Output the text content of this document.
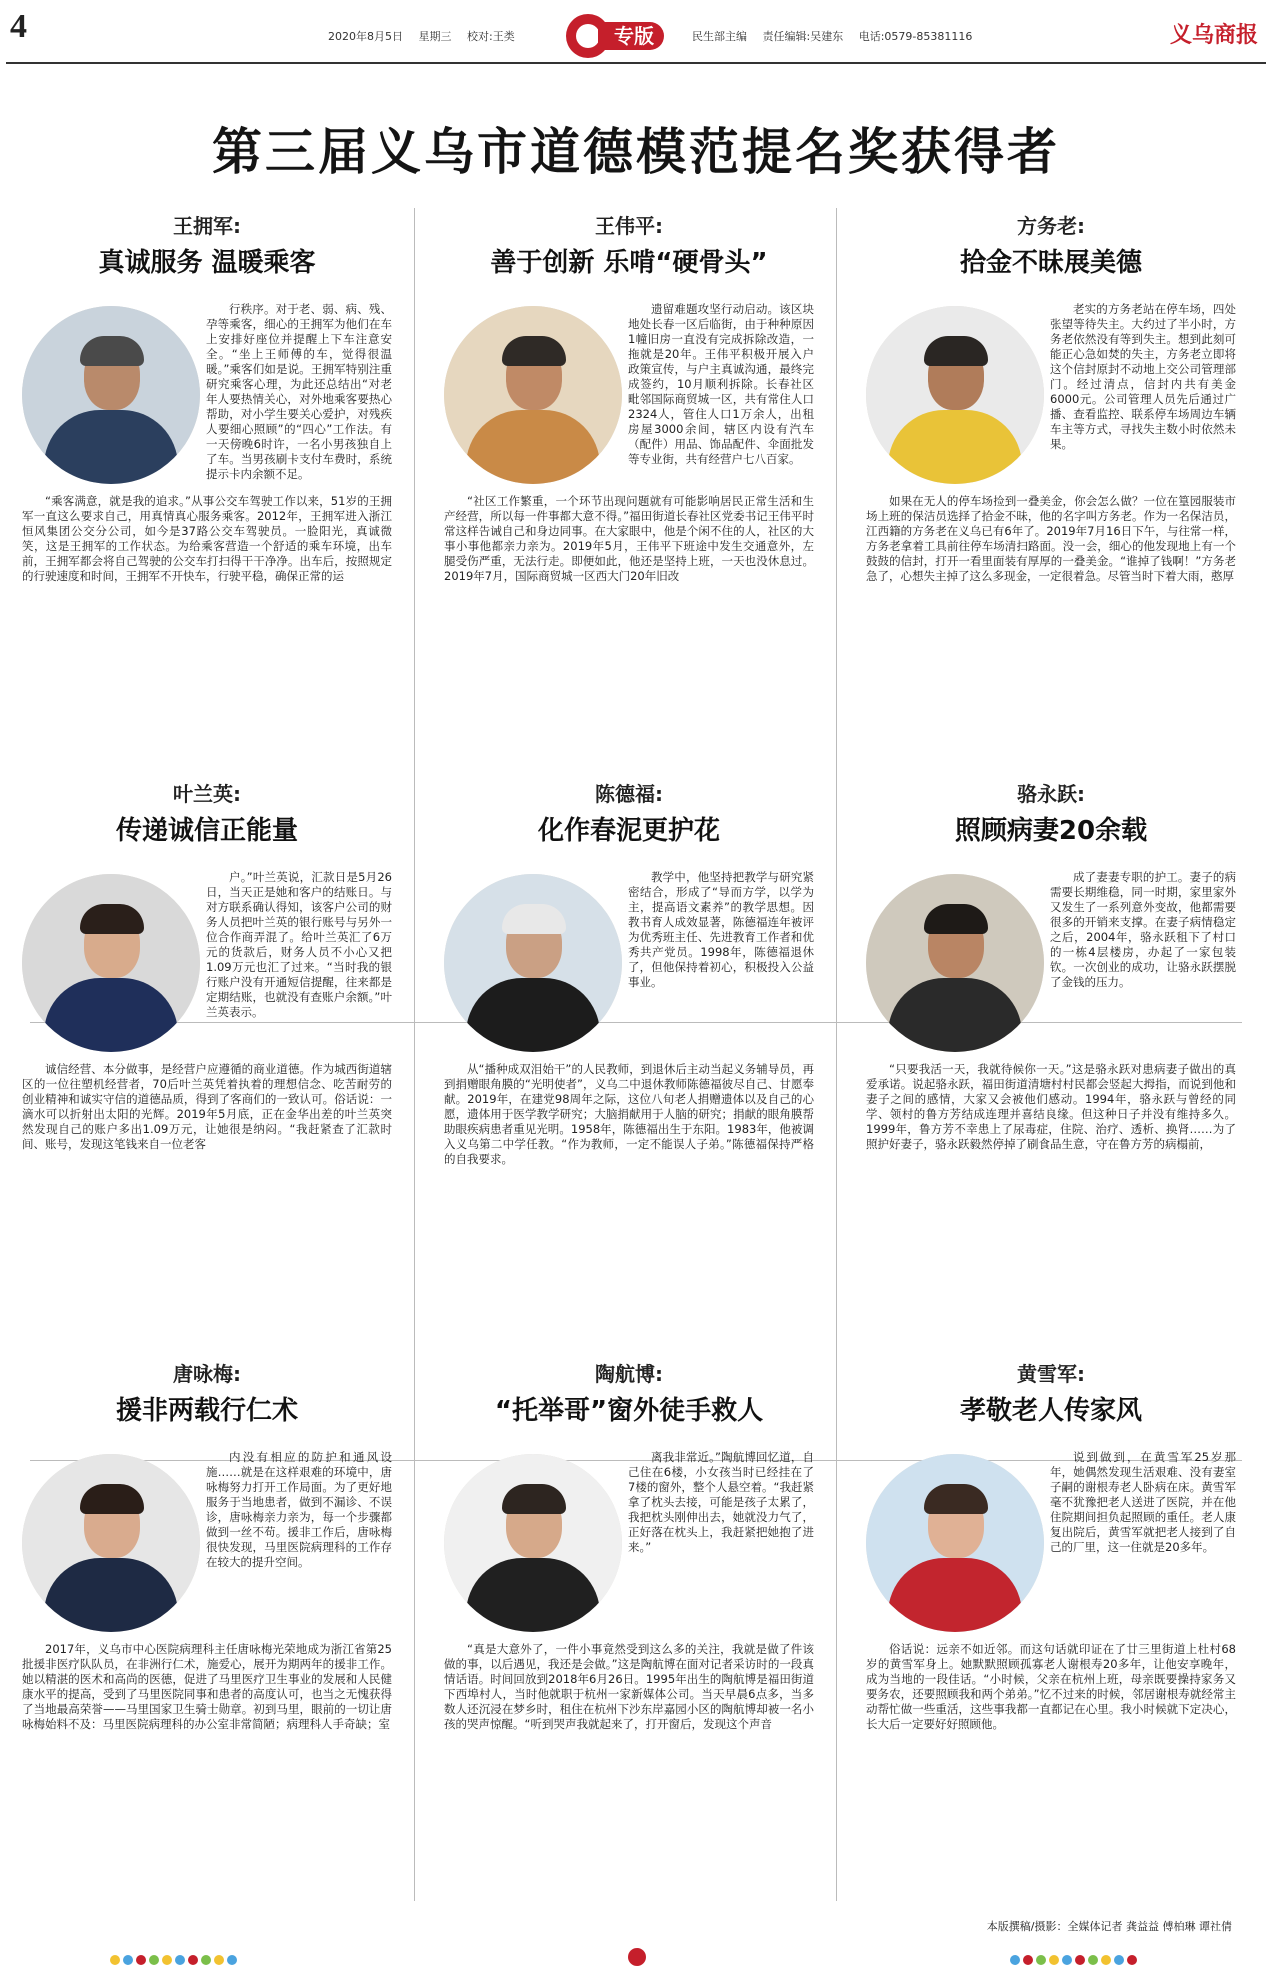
4	2020年8月5日 星期三 校对:王类	专版	民生部主编 责任编辑:吴建东 电话:0579-85381116	义乌商报
第三届义乌市道德模范提名奖获得者
王拥军:
真诚服务 温暖乘客
行秩序。对于老、弱、病、残、孕等乘客，细心的王拥军为他们在车上安排好座位并提醒上下车注意安全。“坐上王师傅的车，觉得很温暖。”乘客们如是说。王拥军特别注重研究乘客心理，为此还总结出“对老年人要热情关心，对外地乘客要热心帮助，对小学生要关心爱护，对残疾人要细心照顾”的“四心”工作法。有一天傍晚6时许，一名小男孩独自上了车。当男孩刷卡支付车费时，系统提示卡内余额不足。
“乘客满意，就是我的追求。”从事公交车驾驶工作以来，51岁的王拥军一直这么要求自己，用真情真心服务乘客。2012年，王拥军进入浙江恒风集团公交分公司，如今是37路公交车驾驶员。一脸阳光，真诚微笑，这是王拥军的工作状态。为给乘客营造一个舒适的乘车环境，出车前，王拥军都会将自己驾驶的公交车打扫得干干净净。出车后，按照规定的行驶速度和时间，王拥军不开快车，行驶平稳，确保正常的运
王伟平:
善于创新 乐啃“硬骨头”
遗留难题攻坚行动启动。该区块地处长春一区后临街，由于种种原因1幢旧房一直没有完成拆除改造，一拖就是20年。王伟平积极开展入户政策宣传，与户主真诚沟通，最终完成签约，10月顺利拆除。长春社区毗邻国际商贸城一区，共有常住人口2324人，管住人口1万余人，出租房屋3000余间，辖区内设有汽车（配件）用品、饰品配件、伞面批发等专业街，共有经营户七八百家。
“社区工作繁重，一个环节出现问题就有可能影响居民正常生活和生产经营，所以每一件事都大意不得。”福田街道长春社区党委书记王伟平时常这样告诫自己和身边同事。在大家眼中，他是个闲不住的人，社区的大事小事他都亲力亲为。2019年5月，王伟平下班途中发生交通意外，左腿受伤严重，无法行走。即便如此，他还是坚持上班，一天也没休息过。2019年7月，国际商贸城一区西大门20年旧改
方务老:
拾金不昧展美德
老实的方务老站在停车场，四处张望等待失主。大约过了半小时，方务老依然没有等到失主。想到此刻可能正心急如焚的失主，方务老立即将这个信封原封不动地上交公司管理部门。经过清点，信封内共有美金6000元。公司管理人员先后通过广播、查看监控、联系停车场周边车辆车主等方式，寻找失主数小时依然未果。
如果在无人的停车场捡到一叠美金，你会怎么做？一位在篁园服装市场上班的保洁员选择了拾金不昧，他的名字叫方务老。作为一名保洁员，江西籍的方务老在义乌已有6年了。2019年7月16日下午，与往常一样，方务老拿着工具前往停车场清扫路面。没一会，细心的他发现地上有一个鼓鼓的信封，打开一看里面装有厚厚的一叠美金。“谁掉了钱啊！”方务老急了，心想失主掉了这么多现金，一定很着急。尽管当时下着大雨，憨厚
叶兰英:
传递诚信正能量
户。”叶兰英说，汇款日是5月26日，当天正是她和客户的结账日。与对方联系确认得知，该客户公司的财务人员把叶兰英的银行账号与另外一位合作商弄混了。给叶兰英汇了6万元的货款后，财务人员不小心又把1.09万元也汇了过来。“当时我的银行账户没有开通短信提醒，往来都是定期结账，也就没有查账户余额。”叶兰英表示。
诚信经营、本分做事，是经营户应遵循的商业道德。作为城西街道辖区的一位往塑机经营者，70后叶兰英凭着执着的理想信念、吃苦耐劳的创业精神和诚实守信的道德品质，得到了客商们的一致认可。俗话说：一滴水可以折射出太阳的光辉。2019年5月底，正在金华出差的叶兰英突然发现自己的账户多出1.09万元，让她很是纳闷。“我赶紧查了汇款时间、账号，发现这笔钱来自一位老客
陈德福:
化作春泥更护花
教学中，他坚持把教学与研究紧密结合，形成了“导而方学，以学为主，提高语文素养”的教学思想。因教书育人成效显著，陈德福连年被评为优秀班主任、先进教育工作者和优秀共产党员。1998年，陈德福退休了，但他保持着初心，积极投入公益事业。
从“播种成双泪始干”的人民教师，到退休后主动当起义务辅导员，再到捐赠眼角膜的“光明使者”，义乌二中退休教师陈德福彼尽自己、甘愿奉献。2019年，在建党98周年之际，这位八旬老人捐赠遗体以及自己的心愿，遗体用于医学教学研究；大脑捐献用于人脑的研究；捐献的眼角膜帮助眼疾病患者重见光明。1958年，陈德福出生于东阳。1983年，他被调入义乌第二中学任教。“作为教师，一定不能误人子弟。”陈德福保持严格的自我要求。
骆永跃:
照顾病妻20余载
成了妻妻专职的护工。妻子的病需要长期维稳，同一时期，家里家外又发生了一系列意外变故，他都需要很多的开销来支撑。在妻子病情稳定之后，2004年，骆永跃租下了村口的一栋4层楼房，办起了一家包装钦。一次创业的成功，让骆永跃摆脱了金钱的压力。
“只要我活一天，我就待候你一天。”这是骆永跃对患病妻子做出的真爱承诺。说起骆永跃，福田街道清塘村村民都会竖起大拇指，而说到他和妻子之间的感情，大家又会被他们感动。1994年，骆永跃与曾经的同学、领村的鲁方芳结成连理并喜结良缘。但这种日子并没有维持多久。1999年，鲁方芳不幸患上了尿毒症，住院、治疗、透析、换肾……为了照护好妻子，骆永跃毅然停掉了刷食品生意，守在鲁方芳的病榻前，
唐咏梅:
援非两载行仁术
内没有相应的防护和通风设施……就是在这样艰难的环境中，唐咏梅努力打开工作局面。为了更好地服务于当地患者，做到不漏诊、不误诊，唐咏梅亲力亲为，每一个步骤都做到一丝不苟。援非工作后，唐咏梅很快发现，马里医院病理科的工作存在较大的提升空间。
2017年，义乌市中心医院病理科主任唐咏梅光荣地成为浙江省第25批援非医疗队队员，在非洲行仁术，施爱心，展开为期两年的援非工作。她以精湛的医术和高尚的医德，促进了马里医疗卫生事业的发展和人民健康水平的提高，受到了马里医院同事和患者的高度认可，也当之无愧获得了当地最高荣誉——马里国家卫生骑士勋章。初到马里，眼前的一切让唐咏梅始料不及：马里医院病理科的办公室非常简陋；病理科人手奇缺；室
陶航博:
“托举哥”窗外徒手救人
离我非常近。”陶航博回忆道，自己住在6楼，小女孩当时已经挂在了7楼的窗外，整个人悬空着。“我赶紧拿了枕头去接，可能是孩子太累了，我把枕头刚伸出去，她就没力气了，正好落在枕头上，我赶紧把她抱了进来。”
“真是大意外了，一件小事竟然受到这么多的关注，我就是做了件该做的事，以后遇见，我还是会做。”这是陶航博在面对记者采访时的一段真情话语。时间回放到2018年6月26日。1995年出生的陶航博是福田街道下西埠村人，当时他就职于杭州一家新媒体公司。当天早晨6点多，当多数人还沉浸在梦乡时，租住在杭州下沙东岸嘉园小区的陶航博却被一名小孩的哭声惊醒。“听到哭声我就起来了，打开窗后，发现这个声音
黄雪军:
孝敬老人传家风
说到做到，在黄雪军25岁那年，她偶然发现生活艰难、没有妻室子嗣的谢根寿老人卧病在床。黄雪军毫不犹豫把老人送进了医院，并在他住院期间担负起照顾的重任。老人康复出院后，黄雪军就把老人接到了自己的厂里，这一住就是20多年。
俗话说：远亲不如近邻。而这句话就印证在了廿三里街道上杜村68岁的黄雪军身上。她默默照顾孤寡老人谢根寿20多年，让他安享晚年，成为当地的一段佳话。“小时候，父亲在杭州上班，母亲既要操持家务又要务农，还要照顾我和两个弟弟。”忆不过来的时候，邻居谢根寿就经常主动帮忙做一些重活，这些事我都一直都记在心里。我小时候就下定决心，长大后一定要好好照顾他。
本版撰稿/摄影：全媒体记者 龚益益 傅柏琳 谭社倩
